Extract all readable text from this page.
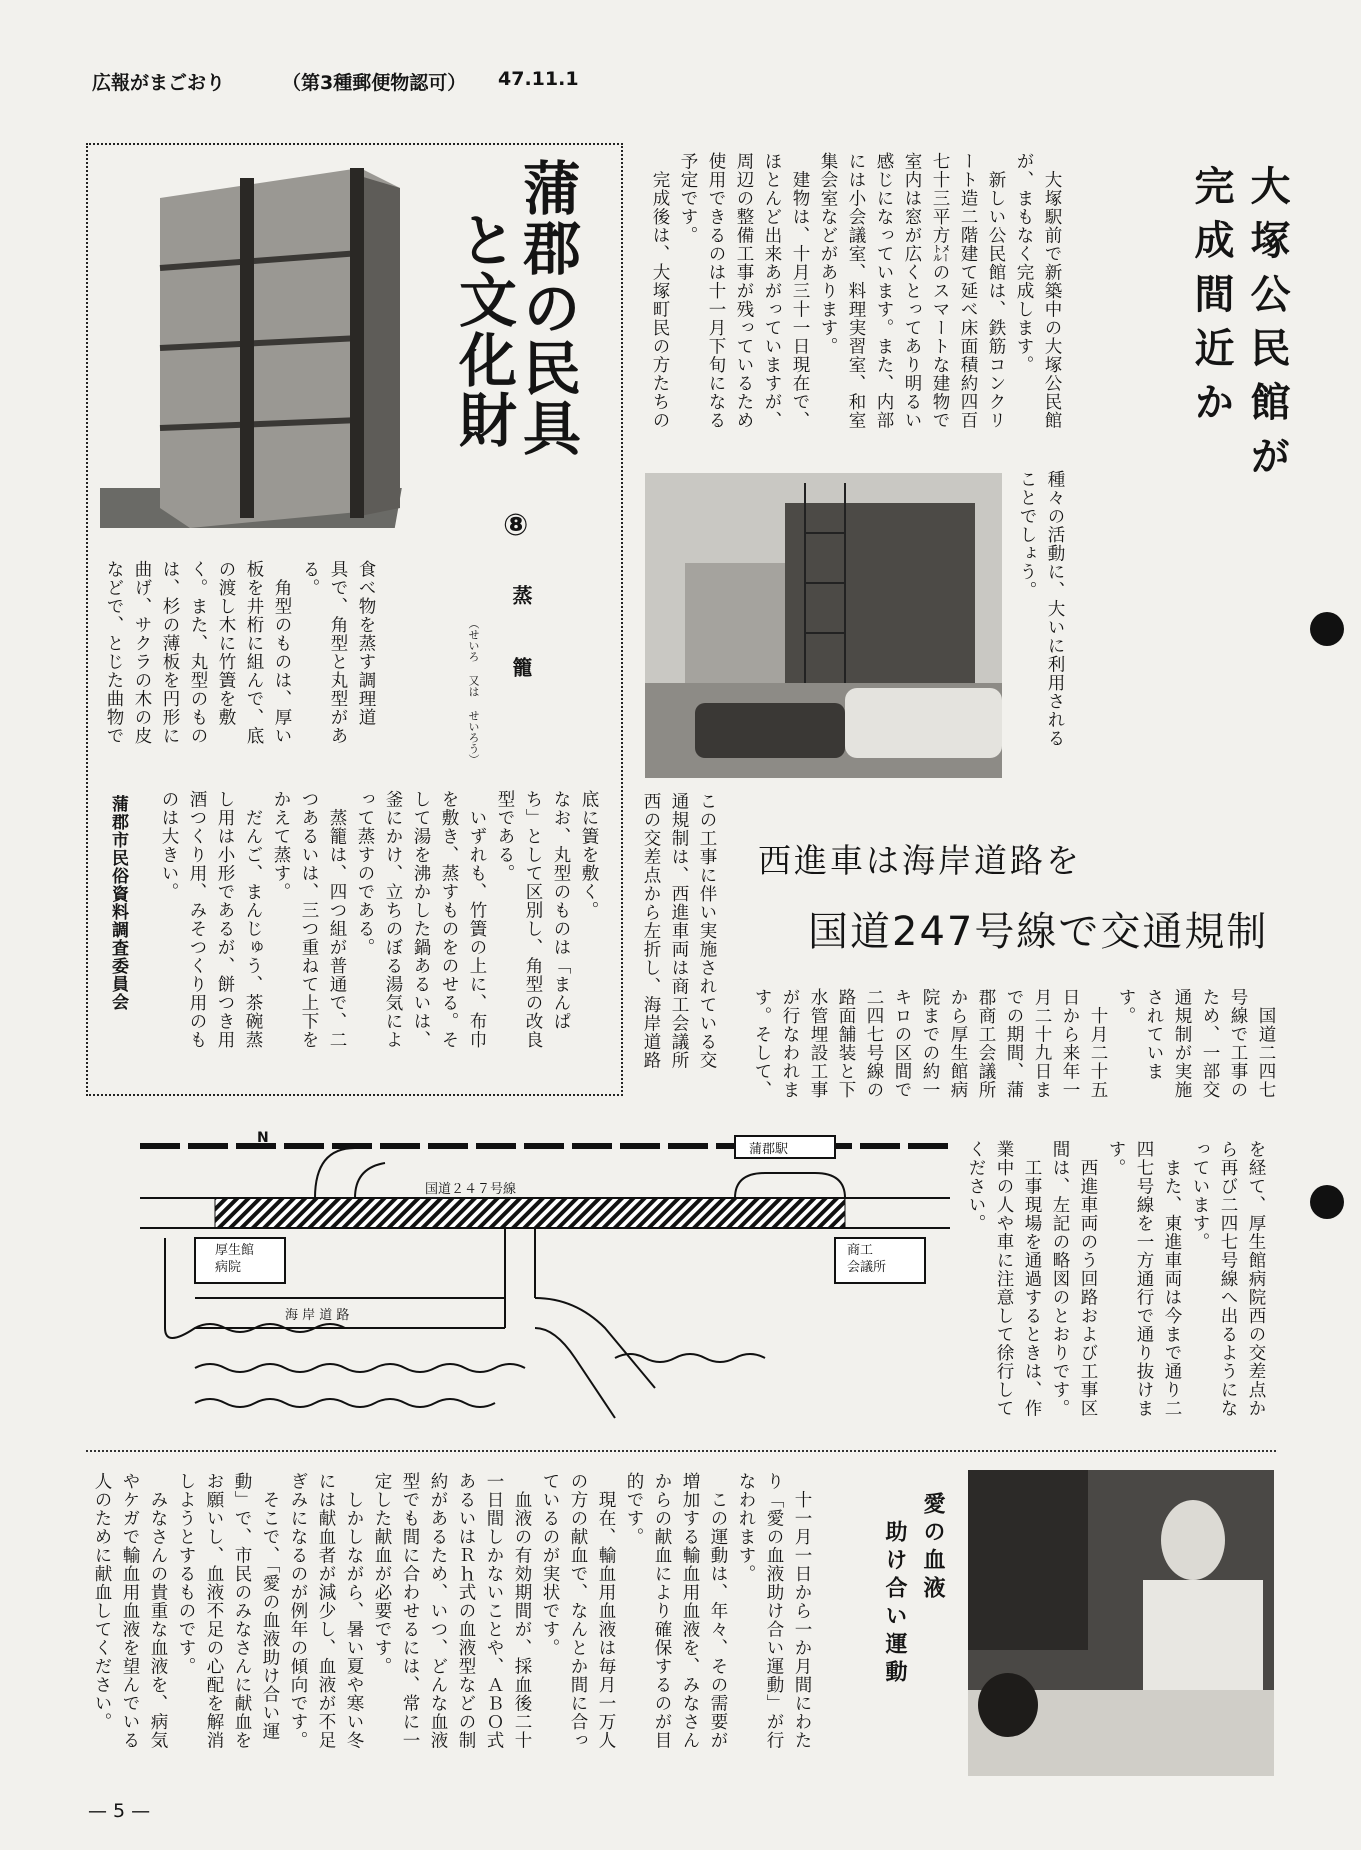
広報がまごおり	（第3種郵便物認可） 47.11.1
蒲郡の民具
と文化財
⑧
蒸 籠
（せいろ 又は せいろう）
食べ物を蒸す調理道
具で、角型と丸型があ
る。
　角型のものは、厚い
板を井桁に組んで、底
の渡し木に竹簀を敷
く。また、丸型のもの
は、杉の薄板を円形に
曲げ、サクラの木の皮
などで、とじた曲物で
底に簀を敷く。
なお、丸型のものは「まんぱ
ち」として区別し、角型の改良
型である。
　いずれも、竹簀の上に、布巾
を敷き、蒸すものをのせる。そ
して湯を沸かした鍋あるいは、
釜にかけ、立ちのぼる湯気によ
って蒸すのである。
　蒸籠は、四つ組が普通で、二
つあるいは、三つ重ねて上下を
かえて蒸す。
　だんご、まんじゅう、茶碗蒸
し用は小形であるが、餅つき用
酒つくり用、みそつくり用のも
のは大きい。
蒲郡市民俗資料調査委員会
大塚公民館が
完成間近か
　大塚駅前で新築中の大塚公民館
が、まもなく完成します。
　新しい公民館は、鉄筋コンクリ
ート造二階建て延べ床面積約四百
七十三平方㍍のスマートな建物で
室内は窓が広くとってあり明るい
感じになっています。また、内部
には小会議室、料理実習室、和室
集会室などがあります。
　建物は、十月三十一日現在で、
ほとんど出来あがっていますが、
周辺の整備工事が残っているため
使用できるのは十一月下旬になる
予定です。
　完成後は、大塚町民の方たちの
種々の活動に、大いに利用される
ことでしょう。
西進車は海岸道路を
国道247号線で交通規制
この工事に伴い実施されている交
通規制は、西進車両は商工会議所
西の交差点から左折し、海岸道路	　国道二四七
号線で工事の
ため、一部交
通規制が実施
されています。
　十月二十五
日から来年一
月二十九日ま
での期間、蒲
郡商工会議所
から厚生館病
院までの約一
キロの区間で
二四七号線の
路面舗装と下
水管埋設工事
が行なわれま
す。そして、
を経て、厚生館病院西の交差点か
ら再び二四七号線へ出るようにな
っています。
　また、東進車両は今まで通り二
四七号線を一方通行で通り抜けま
す。
　西進車両のう回路および工事区
間は、左記の略図のとおりです。
　工事現場を通過するときは、作
業中の人や車に注意して徐行して
ください。
N
蒲郡駅
国道２４７号線
厚生館
病院
商工
会議所
海 岸 道 路
愛の血液
助け合い運動
　十一月一日から一か月間にわた
り「愛の血液助け合い運動」が行
なわれます。
　この運動は、年々、その需要が
増加する輸血用血液を、みなさん
からの献血により確保するのが目
的です。
　現在、輸血用血液は毎月一万人
の方の献血で、なんとか間に合っ
ているのが実状です。
　血液の有効期間が、採血後二十
一日間しかないことや、ＡＢＯ式
あるいはＲｈ式の血液型などの制
約があるため、いつ、どんな血液
型でも間に合わせるには、常に一
定した献血が必要です。
　しかしながら、暑い夏や寒い冬
には献血者が減少し、血液が不足
ぎみになるのが例年の傾向です。
　そこで、「愛の血液助け合い運
動」で、市民のみなさんに献血を
お願いし、血液不足の心配を解消
しようとするものです。
　みなさんの貴重な血液を、病気
やケガで輸血用血液を望んでいる
人のために献血してください。
— 5 —
